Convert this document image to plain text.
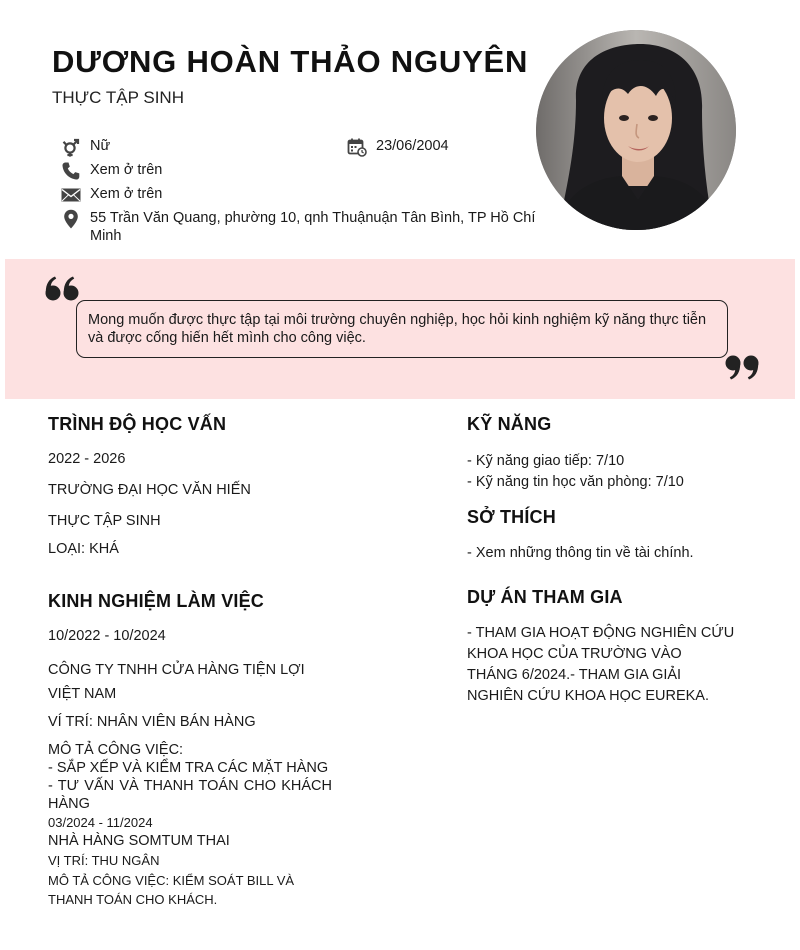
DƯƠNG HOÀN THẢO NGUYÊN
THỰC TẬP SINH
Nữ	23/06/2004
Xem ở trên
Xem ở trên
55 Trần Văn Quang, phường 10, qnh Thuậnuận Tân Bình, TP Hồ Chí Minh
Mong muốn được thực tập tại môi trường chuyên nghiệp, học hỏi kinh nghiệm kỹ năng thực tiễn và được cống hiến hết mình cho công việc.
TRÌNH ĐỘ HỌC VẤN
2022 - 2026
TRƯỜNG ĐẠI HỌC VĂN HIẾN
THỰC TẬP SINH
LOẠI: KHÁ
KINH NGHIỆM LÀM VIỆC
10/2022 - 10/2024
CÔNG TY TNHH CỬA HÀNG TIỆN LỢI VIỆT NAM
VÍ TRÍ: NHÂN VIÊN BÁN HÀNG
MÔ TẢ CÔNG VIỆC:
- SẮP XẾP VÀ KIỂM TRA CÁC MẶT HÀNG
- TƯ VẤN VÀ THANH TOÁN CHO KHÁCH HÀNG
03/2024 - 11/2024
NHÀ HÀNG SOMTUM THAI
VỊ TRÍ: THU NGÂN
MÔ TẢ CÔNG VIỆC: KIỂM SOÁT BILL VÀ THANH TOÁN CHO KHÁCH.
KỸ NĂNG
- Kỹ năng giao tiếp: 7/10
- Kỹ năng tin học văn phòng: 7/10
SỞ THÍCH
- Xem những thông tin về tài chính.
DỰ ÁN THAM GIA
- THAM GIA HOẠT ĐỘNG NGHIÊN CỨU KHOA HỌC CỦA TRƯỜNG VÀO THÁNG 6/2024.- THAM GIA GIẢI NGHIÊN CỨU KHOA HỌC EUREKA.
